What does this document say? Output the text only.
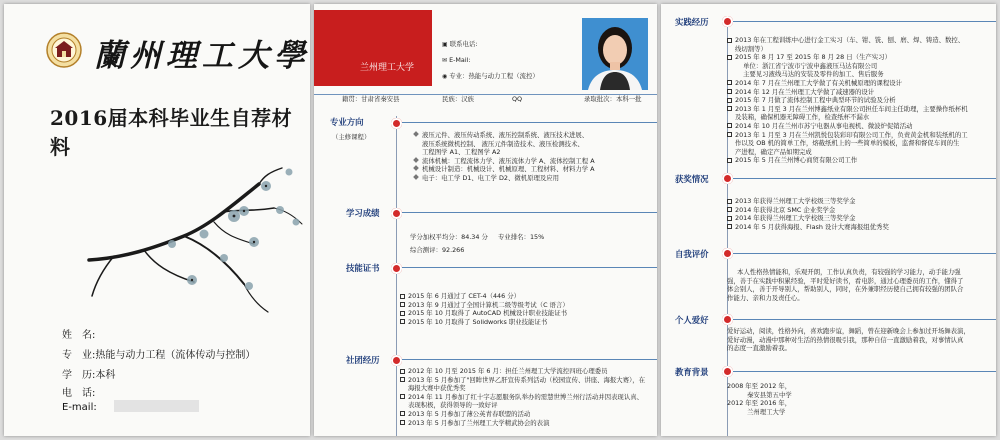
蘭州理工大學
2016届本科毕业生自荐材料
姓　名:
专　业:热能与动力工程（流体传动与控制）
学　历:本科
电　话:
E-mail:
兰州理工大学
▣ 联系电话:
✉ E-Mail:
◉ 专业：热能与动力工程（流控）
籍贯：甘肃省秦安县	民族：汉族	QQ	录取批次：本科一批
专业方向
（主修课程）	液压元件、液压传动系统、液压控制系统、液压技术进展、
液压系统微机控制、 液压元件制造技术、液压检测技术、
工程图学 A1、工程图学 A2
流体机械：工程流体力学、液压流体力学 A、流体控制工程 A
机械设计制造：机械设计、机械原理、工程材料、材料力学 A
电子：电工学 D1、电工学 D2、微机原理及应用
学习成绩
学分加权平均分：84.34 分 专业排名：15%
综合测评：92.266
技能证书
2015 年 6 月通过了 CET-4（446 分）
2013 年 9 月通过了全国计算机二级等级考试（C 语言）
2015 年 10 月取得了 AutoCAD 机械设计职业技能证书
2015 年 10 月取得了 Solidworks 职业技能证书
社团经历
2012 年 10 月至 2015 年 6 月：担任兰州理工大学流控四班心理委员
2013 年 5 月参加了"回眸世界乙肝宣传系列活动（校园宣传、讲座、海报大赛），在
海报大赛中获优秀奖
2014 年 11 月参加了红十字志愿服务队举办的需慧世博兰州行活动并因表现认真、
表现积极，获得领导的一致好评
2013 年 5 月参加了薄公英青春联盟的活动
2013 年 5 月参加了兰州理工大学精武协会的表演
实践经历
2013 年在工程训练中心进行金工实习（车、钳、铣、刨、磨、焊、铸造、数控、
线切割等）
2015 年 8 月 17 至 2015 年 8 月 28 日（生产实习）
单位：浙江省宁波市宁波申鑫液压马达有限公司
主要见习液线马达的安装及零件的加工、售后服务
2014 年 7 月在兰州理工大学做了有关机械原理的课程设计
2014 年 12 月在兰州理工大学做了减速器的设计
2015 年 7 月做了流体控制工程中典型环节的试验及分析
2013 年 1 月至 3 月在兰州博鑫纸业有限公司担任车间主任助理，主要操作纸杯机
及装箱，确保机器无障碍工作，检查纸杯不漏水
2014 年 10 月在兰州市苏宁电器从事电视机、微波炉促销活动
2013 年 1 月至 3 月在兰州凯悦包装彩印有限公司工作，负责黄金机和装纸机的工
作以及 OB 机的简单工作，熔截纸机上的一些简单的模板，监督和督促车间的生
产进程，确定产品如期完成
2015 年 5 月在兰州博心商贸有限公司工作
获奖情况
2013 年获得兰州理工大学校级三等奖学金
2014 年获得北京 SMC 企业奖学金
2014 年获得兰州理工大学校级三等奖学金
2014 年 5 月获得海报、Flash 设计大赛海报组优秀奖
自我评价
本人性格热情能和，乐观开朗，工作认真负责，有较强的学习能力，动手能力强
强，善于在实践中积累经验，平时爱好读书，看电影，通过心理委员的工作，懂得了
体会别人，善于开导别人，帮助别人，同时，在外兼职经历使自己拥有较强的团队合
作能力、亲和力及责任心。
个人爱好
爱好运动，阅读，性格外向，喜欢跑步谊，舞蹈，曾在迎新晚会上参加过开场舞表演，
爱好动漫，动漫中那种对生活的热情很吸引我，那种自信一直激励着我，对事情认真
的态度一直激励着我。
教育背景
2008 年至 2012 年，
秦安县第五中学
2012 年至 2016 年，
兰州理工大学
